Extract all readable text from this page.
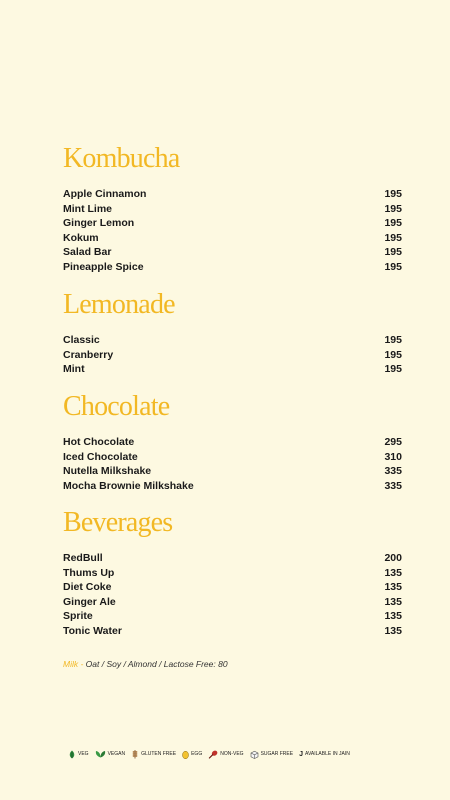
Kombucha
Apple Cinnamon	195
Mint Lime	195
Ginger Lemon	195
Kokum	195
Salad Bar	195
Pineapple Spice	195
Lemonade
Classic	195
Cranberry	195
Mint	195
Chocolate
Hot Chocolate	295
Iced Chocolate	310
Nutella Milkshake	335
Mocha Brownie Milkshake	335
Beverages
RedBull	200
Thums Up	135
Diet Coke	135
Ginger Ale	135
Sprite	135
Tonic Water	135
Milk - Oat / Soy / Almond / Lactose Free: 80
VEG	VEGAN	GLUTEN FREE	EGG	NON-VEG	SUGAR FREE J AVAILABLE IN JAIN
